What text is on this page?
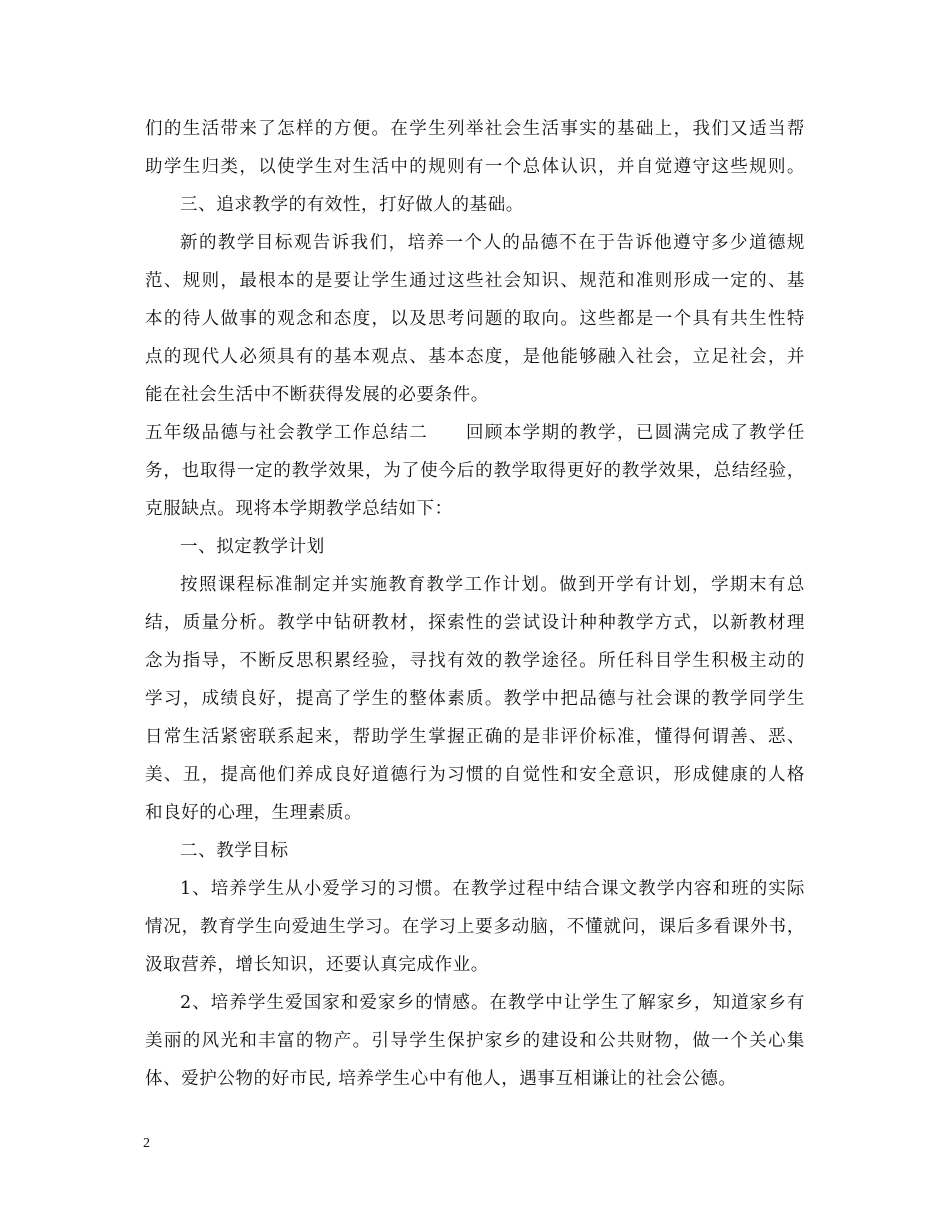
们的生活带来了怎样的方便。在学生列举社会生活事实的基础上，我们又适当帮
助学生归类，以使学生对生活中的规则有一个总体认识，并自觉遵守这些规则。
三、追求教学的有效性，打好做人的基础。
新的教学目标观告诉我们，培养一个人的品德不在于告诉他遵守多少道德规
范、规则，最根本的是要让学生通过这些社会知识、规范和准则形成一定的、基
本的待人做事的观念和态度，以及思考问题的取向。这些都是一个具有共生性特
点的现代人必须具有的基本观点、基本态度，是他能够融入社会，立足社会，并
能在社会生活中不断获得发展的必要条件。
五年级品德与社会教学工作总结二　　回顾本学期的教学，已圆满完成了教学任
务，也取得一定的教学效果，为了使今后的教学取得更好的教学效果，总结经验，
克服缺点。现将本学期教学总结如下：
一、拟定教学计划
按照课程标准制定并实施教育教学工作计划。做到开学有计划，学期末有总
结，质量分析。教学中钻研教材，探索性的尝试设计种种教学方式，以新教材理
念为指导，不断反思积累经验，寻找有效的教学途径。所任科目学生积极主动的
学习，成绩良好，提高了学生的整体素质。教学中把品德与社会课的教学同学生
日常生活紧密联系起来，帮助学生掌握正确的是非评价标准，懂得何谓善、恶、
美、丑，提高他们养成良好道德行为习惯的自觉性和安全意识，形成健康的人格
和良好的心理，生理素质。
二、教学目标
1、培养学生从小爱学习的习惯。在教学过程中结合课文教学内容和班的实际
情况，教育学生向爱迪生学习。在学习上要多动脑，不懂就问，课后多看课外书，
汲取营养，增长知识，还要认真完成作业。
2、培养学生爱国家和爱家乡的情感。在教学中让学生了解家乡，知道家乡有
美丽的风光和丰富的物产。引导学生保护家乡的建设和公共财物，做一个关心集
体、爱护公物的好市民, 培养学生心中有他人，遇事互相谦让的社会公德。
2
